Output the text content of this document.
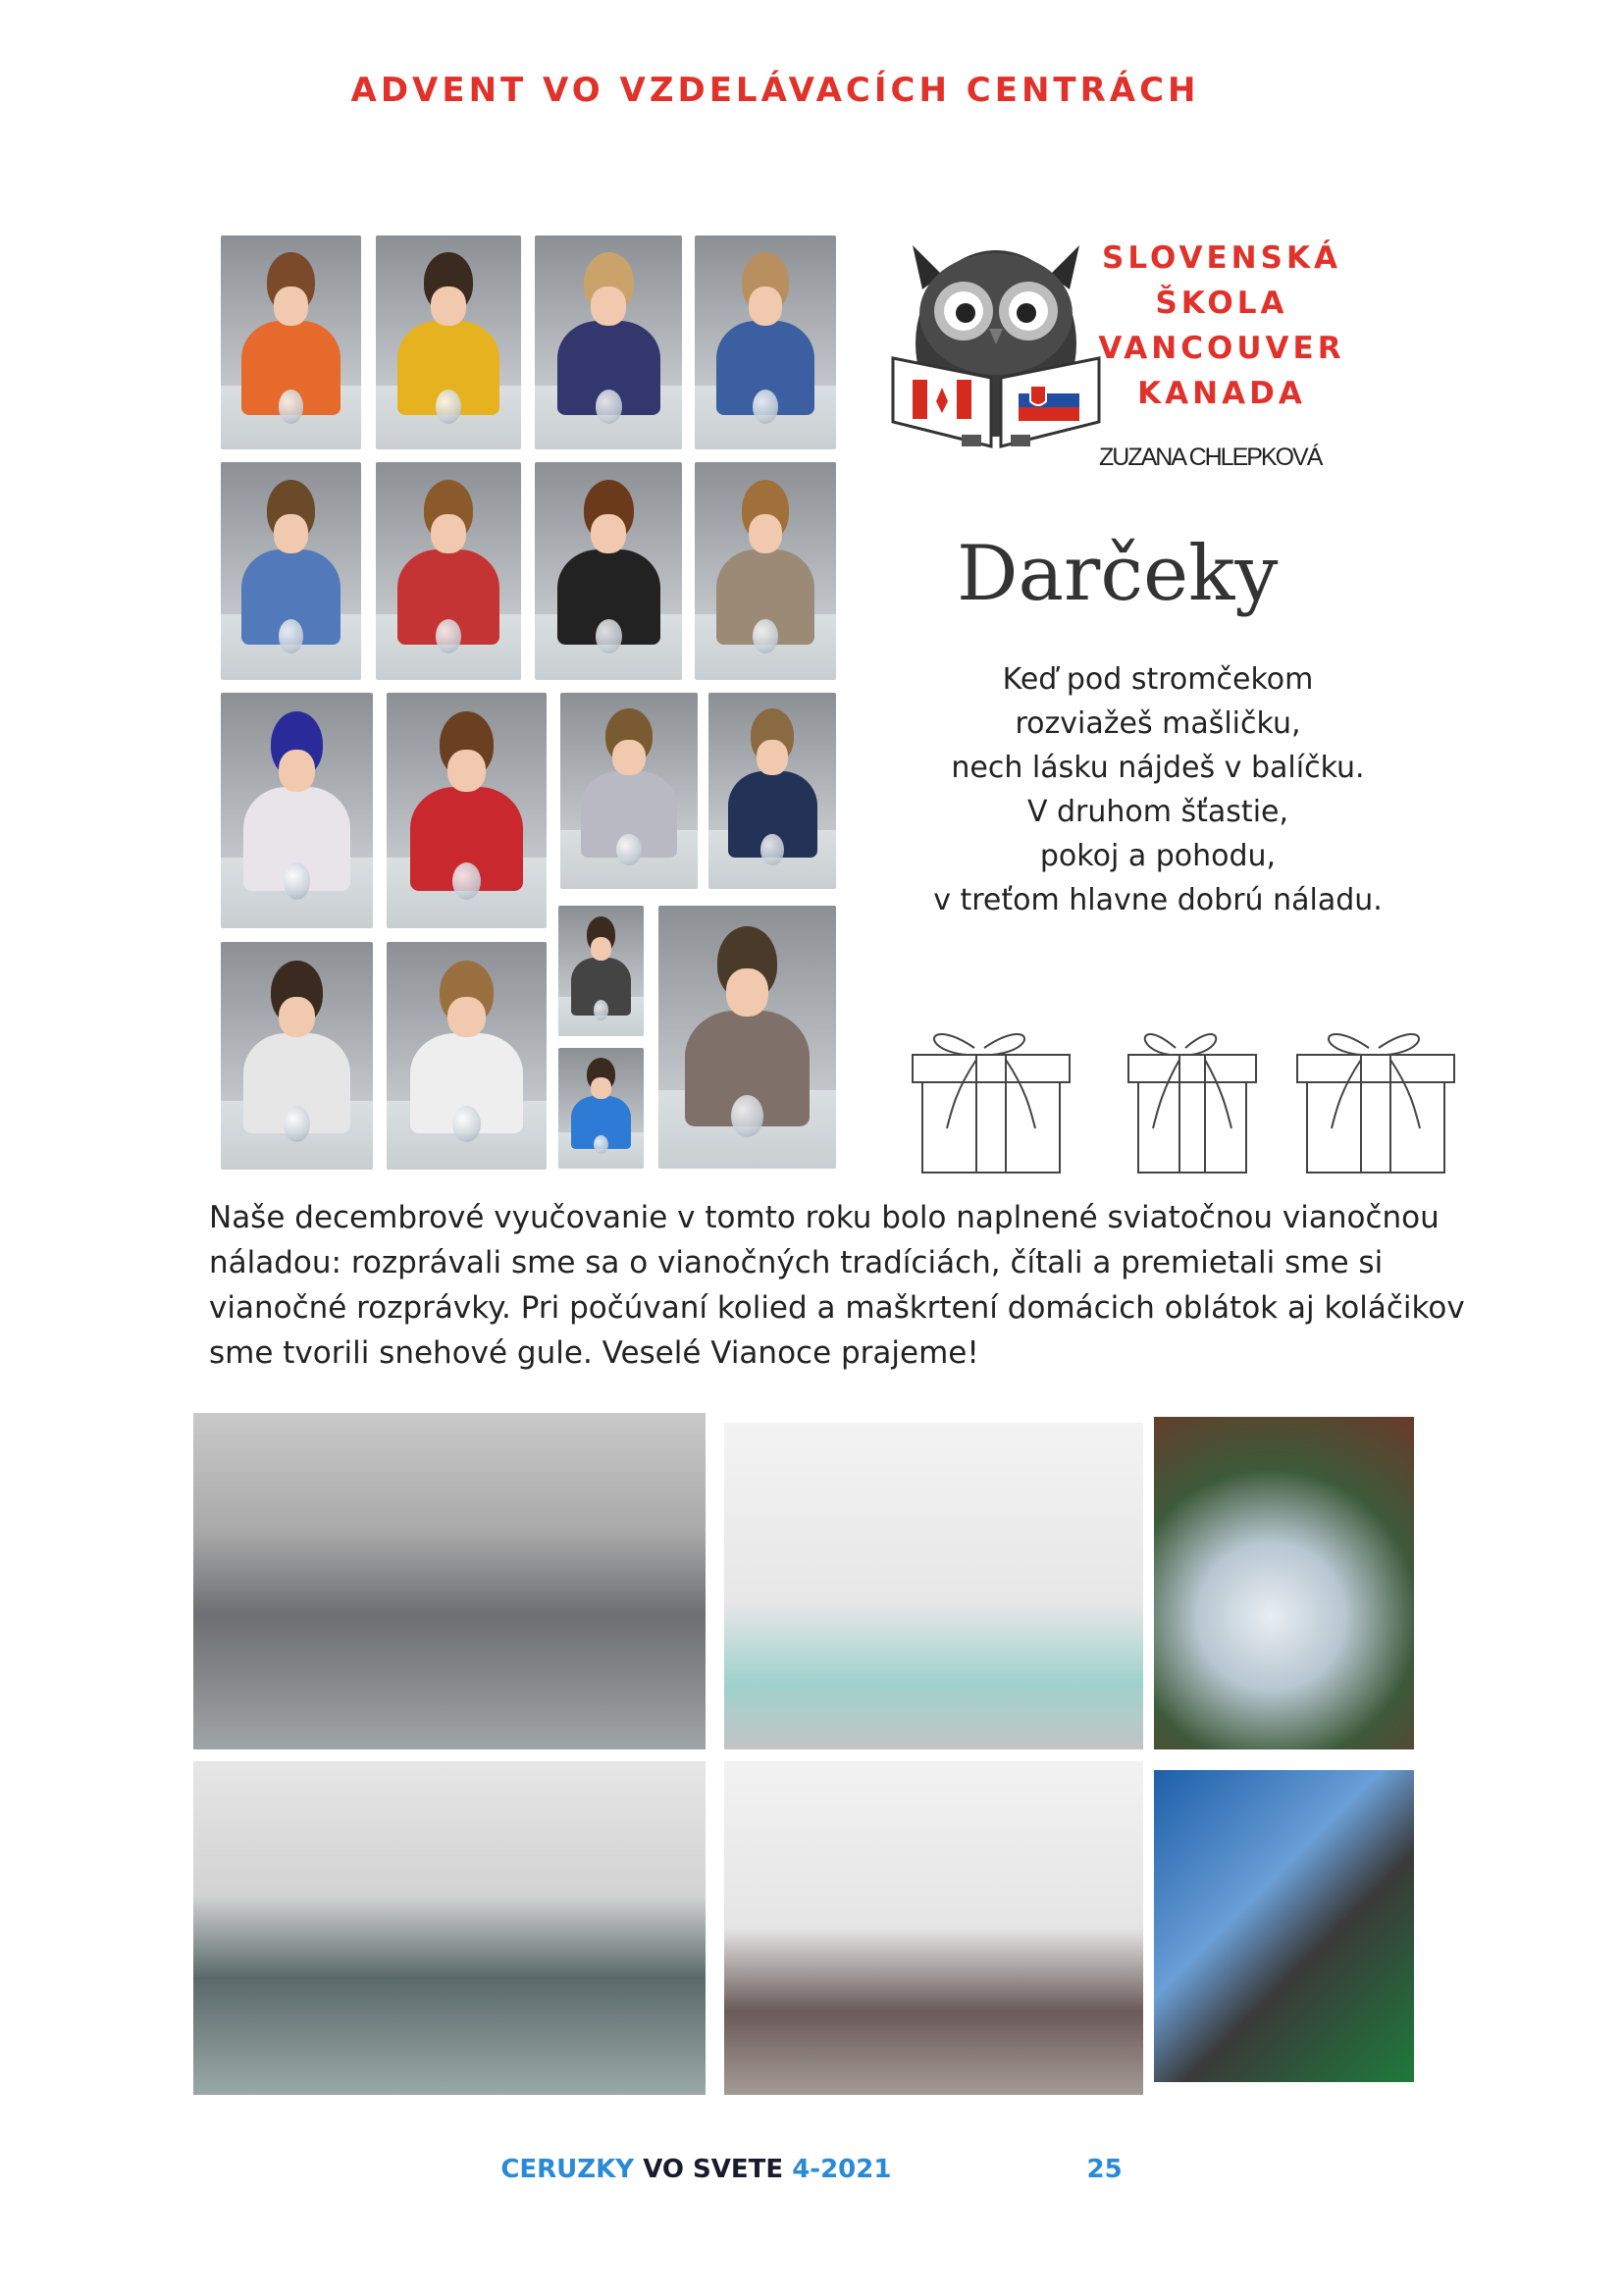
ADVENT VO VZDELÁVACÍCH CENTRÁCH
SLOVENSKÁ
ŠKOLA
VANCOUVER
KANADA
ZUZANA CHLEPKOVÁ
Darčeky
Keď pod stromčekom
rozviažeš mašličku,
nech lásku nájdeš v balíčku.
V druhom šťastie,
pokoj a pohodu,
v treťom hlavne dobrú náladu.
Naše decembrové vyučovanie v tomto roku bolo naplnené sviatočnou vianočnou náladou: rozprávali sme sa o vianočných tradíciách, čítali a premietali sme si vianočné rozprávky. Pri počúvaní kolied a maškrtení domácich oblátok aj koláčikov sme tvorili snehové gule. Veselé Vianoce prajeme!
CERUZKY VO SVETE 4-2021	25
